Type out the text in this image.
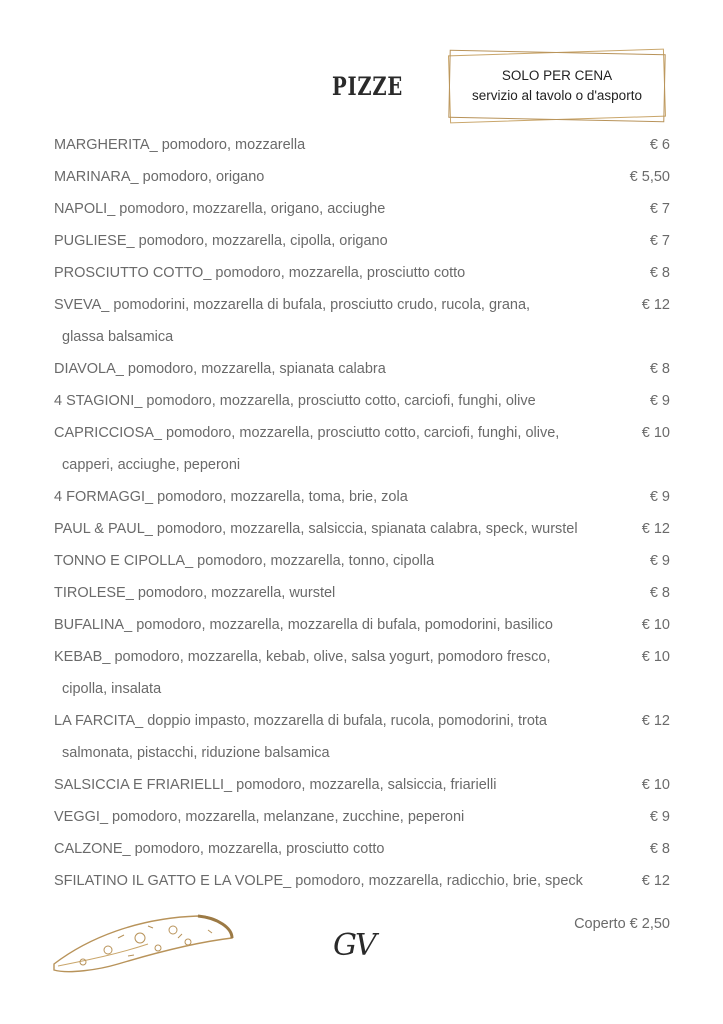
PIZZE	SOLO PER CENA
servizio al tavolo o d'asporto
MARGHERITA_ pomodoro, mozzarella	€ 6
MARINARA_ pomodoro, origano	€ 5,50
NAPOLI_ pomodoro, mozzarella, origano, acciughe	€ 7
PUGLIESE_ pomodoro, mozzarella, cipolla, origano	€ 7
PROSCIUTTO COTTO_ pomodoro, mozzarella, prosciutto cotto	€ 8
SVEVA_ pomodorini, mozzarella di bufala, prosciutto crudo, rucola, grana,	€ 12
glassa balsamica
DIAVOLA_ pomodoro, mozzarella, spianata calabra	€ 8
4 STAGIONI_ pomodoro, mozzarella, prosciutto cotto, carciofi, funghi, olive	€ 9
CAPRICCIOSA_ pomodoro, mozzarella, prosciutto cotto, carciofi, funghi, olive,	€ 10
capperi, acciughe, peperoni
4 FORMAGGI_ pomodoro, mozzarella, toma, brie, zola	€ 9
PAUL & PAUL_ pomodoro, mozzarella, salsiccia, spianata calabra, speck, wurstel	€ 12
TONNO E CIPOLLA_ pomodoro, mozzarella, tonno, cipolla	€ 9
TIROLESE_ pomodoro, mozzarella, wurstel	€ 8
BUFALINA_ pomodoro, mozzarella, mozzarella di bufala, pomodorini, basilico	€ 10
KEBAB_ pomodoro, mozzarella, kebab, olive, salsa yogurt, pomodoro fresco,	€ 10
cipolla, insalata
LA FARCITA_ doppio impasto, mozzarella di bufala, rucola, pomodorini, trota	€ 12
salmonata, pistacchi, riduzione balsamica
SALSICCIA E FRIARIELLI_ pomodoro, mozzarella, salsiccia, friarielli	€ 10
VEGGI_ pomodoro, mozzarella, melanzane, zucchine, peperoni	€ 9
CALZONE_ pomodoro, mozzarella, prosciutto cotto	€ 8
SFILATINO IL GATTO E LA VOLPE_ pomodoro, mozzarella, radicchio, brie, speck	€ 12
Coperto € 2,50
GV
